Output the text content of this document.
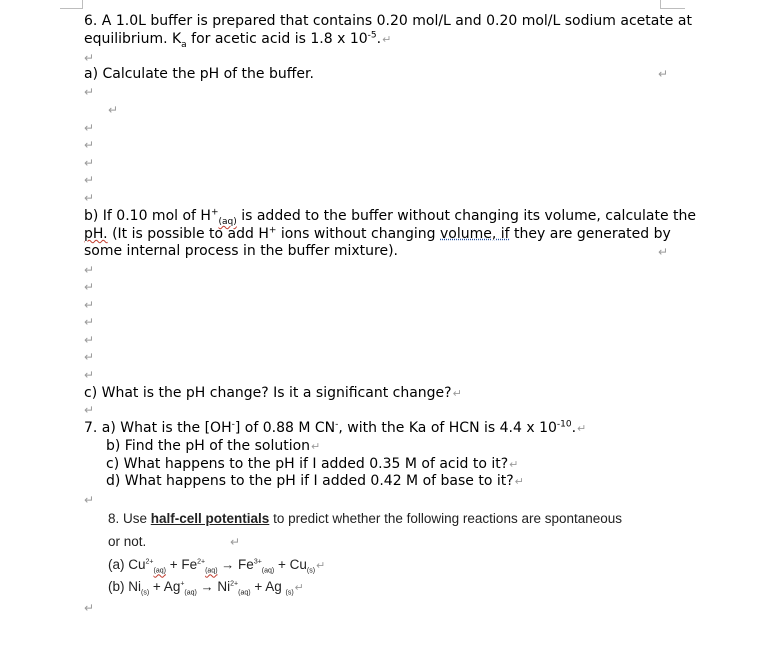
6. A 1.0L buffer is prepared that contains 0.20 mol/L and 0.20 mol/L sodium acetate at
equilibrium. $K_a$ for acetic acid is 1.8 x $10^{-5}.↵$
↵
a) Calculate the pH of the buffer.	↵
↵
↵
↵
↵
↵
↵
↵
b) If 0.10 mol of $H^+_{(aq)}$ is added to the buffer without changing its volume, calculate the
pH. (It is possible to add H+ ions without changing volume, if they are generated by
some internal process in the buffer mixture).	↵
↵
↵
↵
↵
↵
↵
↵
c) What is the pH change? Is it a significant change?↵
↵
7. a) What is the [OH-] of 0.88 M CN-, with the Ka of HCN is 4.4 x $10^{-10}.↵$
b) Find the pH of the solution↵
c) What happens to the pH if I added 0.35 M of acid to it?↵
d) What happens to the pH if I added 0.42 M of base to it?↵
↵
8. Use half-cell potentials to predict whether the following reactions are spontaneous
or not.	↵
(a) $Cu^{2+}_{(aq)} + Fe^{2+}_{(aq)} \to Fe^{3+}_{(aq)}$ + $Cu_{(s)}↵$
(b) $Ni_{(s)} + Ag^+_{(aq)} \to Ni^{2+}_{(aq)} + Ag$ $_{(s)}$↵
↵
